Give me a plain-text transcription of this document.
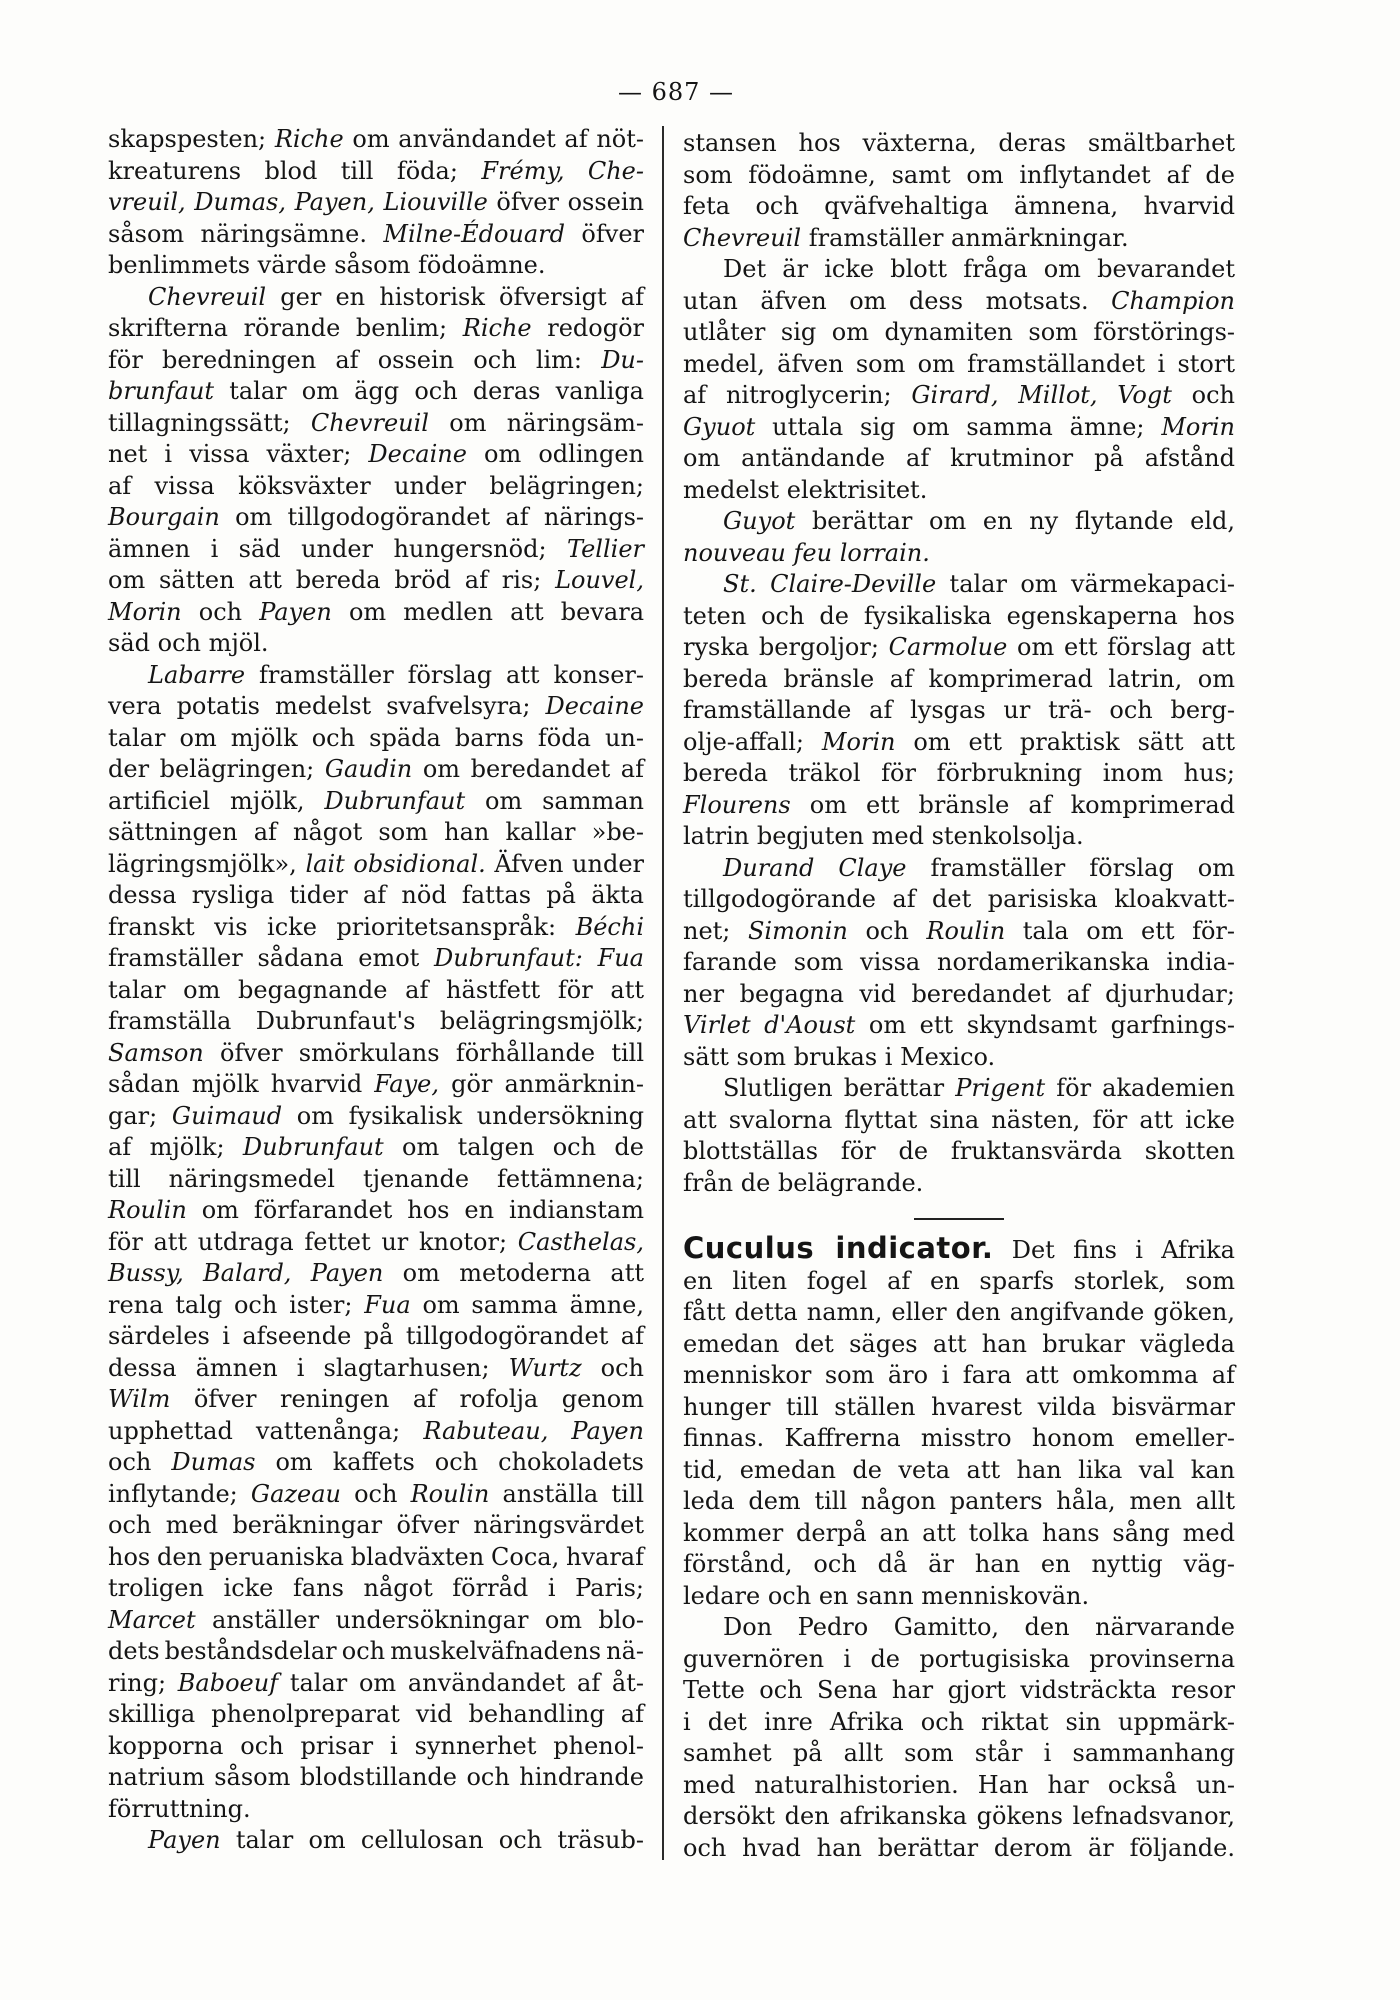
— 687 —
skapspesten; Riche om användandet af nöt-
kreaturens blod till föda; Frémy, Che-
vreuil, Dumas, Payen, Liouville öfver ossein
såsom näringsämne. Milne-Édouard öfver
benlimmets värde såsom födoämne.
Chevreuil ger en historisk öfversigt af
skrifterna rörande benlim; Riche redogör
för beredningen af ossein och lim: Du-
brunfaut talar om ägg och deras vanliga
tillagningssätt; Chevreuil om näringsäm-
net i vissa växter; Decaine om odlingen
af vissa köksväxter under belägringen;
Bourgain om tillgodogörandet af närings-
ämnen i säd under hungersnöd; Tellier
om sätten att bereda bröd af ris; Louvel,
Morin och Payen om medlen att bevara
säd och mjöl.
Labarre framställer förslag att konser-
vera potatis medelst svafvelsyra; Decaine
talar om mjölk och späda barns föda un-
der belägringen; Gaudin om beredandet af
artificiel mjölk, Dubrunfaut om samman
sättningen af något som han kallar »be-
lägringsmjölk», lait obsidional. Äfven under
dessa rysliga tider af nöd fattas på äkta
franskt vis icke prioritetsanspråk: Béchi
framställer sådana emot Dubrunfaut: Fua
talar om begagnande af hästfett för att
framställa Dubrunfaut's belägringsmjölk;
Samson öfver smörkulans förhållande till
sådan mjölk hvarvid Faye, gör anmärknin-
gar; Guimaud om fysikalisk undersökning
af mjölk; Dubrunfaut om talgen och de
till näringsmedel tjenande fettämnena;
Roulin om förfarandet hos en indianstam
för att utdraga fettet ur knotor; Casthelas,
Bussy, Balard, Payen om metoderna att
rena talg och ister; Fua om samma ämne,
särdeles i afseende på tillgodogörandet af
dessa ämnen i slagtarhusen; Wurtz och
Wilm öfver reningen af rofolja genom
upphettad vattenånga; Rabuteau, Payen
och Dumas om kaffets och chokoladets
inflytande; Gazeau och Roulin anställa till
och med beräkningar öfver näringsvärdet
hos den peruaniska bladväxten Coca, hvaraf
troligen icke fans något förråd i Paris;
Marcet anställer undersökningar om blo-
dets beståndsdelar och muskelväfnadens nä-
ring; Baboeuf talar om användandet af åt-
skilliga phenolpreparat vid behandling af
kopporna och prisar i synnerhet phenol-
natrium såsom blodstillande och hindrande
förruttning.
Payen talar om cellulosan och träsub-
stansen hos växterna, deras smältbarhet
som födoämne, samt om inflytandet af de
feta och qväfvehaltiga ämnena, hvarvid
Chevreuil framställer anmärkningar.
Det är icke blott fråga om bevarandet
utan äfven om dess motsats. Champion
utlåter sig om dynamiten som förstörings-
medel, äfven som om framställandet i stort
af nitroglycerin; Girard, Millot, Vogt och
Gyuot uttala sig om samma ämne; Morin
om antändande af krutminor på afstånd
medelst elektrisitet.
Guyot berättar om en ny flytande eld,
nouveau feu lorrain.
St. Claire-Deville talar om värmekapaci-
teten och de fysikaliska egenskaperna hos
ryska bergoljor; Carmolue om ett förslag att
bereda bränsle af komprimerad latrin, om
framställande af lysgas ur trä- och berg-
olje-affall; Morin om ett praktisk sätt att
bereda träkol för förbrukning inom hus;
Flourens om ett bränsle af komprimerad
latrin begjuten med stenkolsolja.
Durand Claye framställer förslag om
tillgodogörande af det parisiska kloakvatt-
net; Simonin och Roulin tala om ett för-
farande som vissa nordamerikanska india-
ner begagna vid beredandet af djurhudar;
Virlet d'Aoust om ett skyndsamt garfnings-
sätt som brukas i Mexico.
Slutligen berättar Prigent för akademien
att svalorna flyttat sina nästen, för att icke
blottställas för de fruktansvärda skotten
från de belägrande.
Cuculus indicator. Det fins i Afrika
en liten fogel af en sparfs storlek, som
fått detta namn, eller den angifvande göken,
emedan det säges att han brukar vägleda
menniskor som äro i fara att omkomma af
hunger till ställen hvarest vilda bisvärmar
finnas. Kaffrerna misstro honom emeller-
tid, emedan de veta att han lika val kan
leda dem till någon panters håla, men allt
kommer derpå an att tolka hans sång med
förstånd, och då är han en nyttig väg-
ledare och en sann menniskovän.
Don Pedro Gamitto, den närvarande
guvernören i de portugisiska provinserna
Tette och Sena har gjort vidsträckta resor
i det inre Afrika och riktat sin uppmärk-
samhet på allt som står i sammanhang
med naturalhistorien. Han har också un-
dersökt den afrikanska gökens lefnadsvanor,
och hvad han berättar derom är följande.
